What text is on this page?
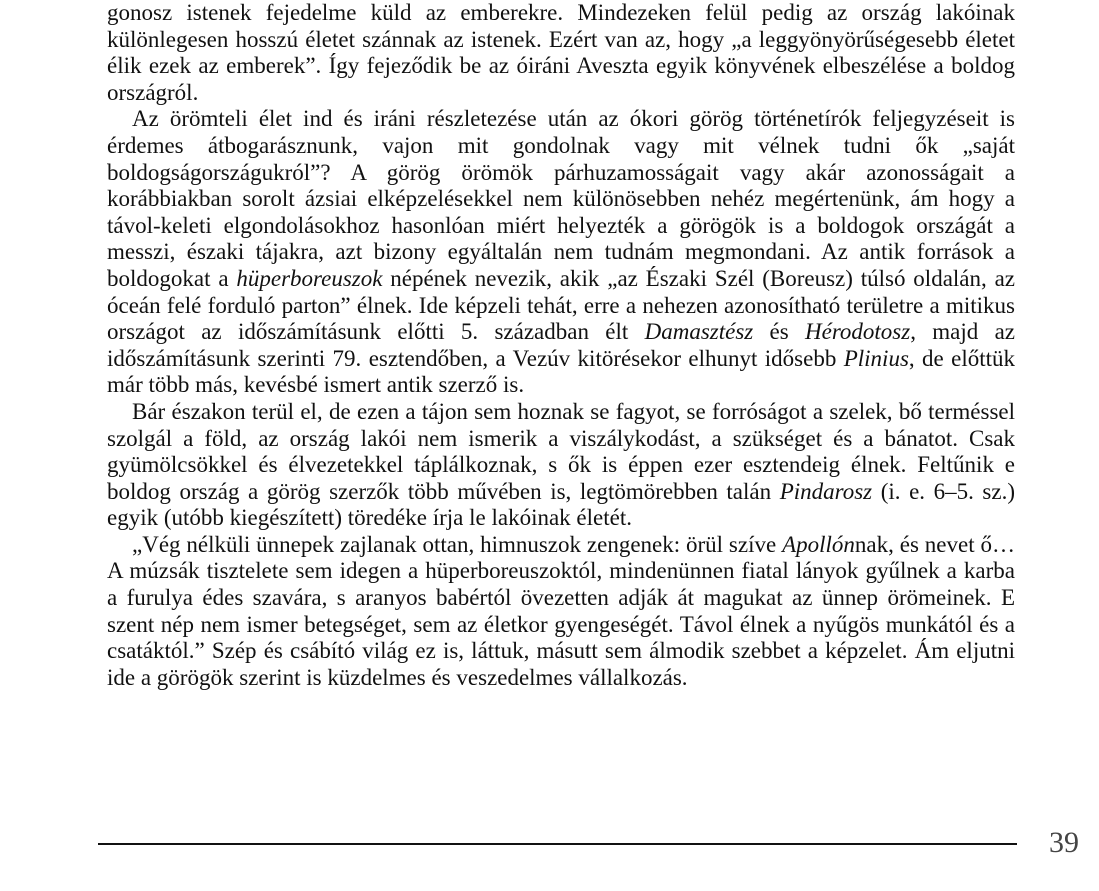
gonosz istenek fejedelme küld az emberekre. Mindezeken felül pedig az ország lakóinak különlegesen hosszú életet szánnak az istenek. Ezért van az, hogy „a leggyönyörűségesebb életet élik ezek az emberek”. Így fejeződik be az óiráni Aveszta egyik könyvének elbeszélése a boldog országról.

Az örömteli élet ind és iráni részletezése után az ókori görög történetírók feljegyzéseit is érdemes átbogarásznunk, vajon mit gondolnak vagy mit vélnek tudni ők „saját boldogságországukról”? A görög örömök párhuzamosságait vagy akár azonosságait a korábbiakban sorolt ázsiai elképzelésekkel nem különösebben nehéz megértenünk, ám hogy a távol-keleti elgondolásokhoz hasonlóan miért helyezték a görögök is a boldogok országát a messzi, északi tájakra, azt bizony egyáltalán nem tudnám megmondani. Az antik források a boldogokat a hüperboreuszok népének nevezik, akik „az Északi Szél (Boreusz) túlsó oldalán, az óceán felé forduló parton” élnek. Ide képzeli tehát, erre a nehezen azonosítható területre a mitikus országot az időszámításunk előtti 5. században élt Damasztész és Hérodotosz, majd az időszámításunk szerinti 79. esztendőben, a Vezúv kitörésekor elhunyt idősebb Plinius, de előttük már több más, kevésbé ismert antik szerző is.

Bár északon terül el, de ezen a tájon sem hoznak se fagyot, se forróságot a szelek, bő terméssel szolgál a föld, az ország lakói nem ismerik a viszálykodást, a szükséget és a bánatot. Csak gyümölcsökkel és élvezetekkel táplálkoznak, s ők is éppen ezer esztendeig élnek. Feltűnik e boldog ország a görög szerzők több művében is, legtömörebben talán Pindarosz (i. e. 6–5. sz.) egyik (utóbb kiegészített) töredéke írja le lakóinak életét.

„Vég nélküli ünnepek zajlanak ottan, himnuszok zengenek: örül szíve Apollónnak, és nevet ő… A múzsák tisztelete sem idegen a hüperboreuszoktól, mindenünnen fiatal lányok gyűlnek a karba a furulya édes szavára, s aranyos babértól övezetten adják át magukat az ünnep örömeinek. E szent nép nem ismer betegséget, sem az életkor gyengeségét. Távol élnek a nyűgös munkától és a csatáktól.” Szép és csábító világ ez is, láttuk, másutt sem álmodik szebbet a képzelet. Ám eljutni ide a görögök szerint is küzdelmes és veszedelmes vállalkozás.

39
